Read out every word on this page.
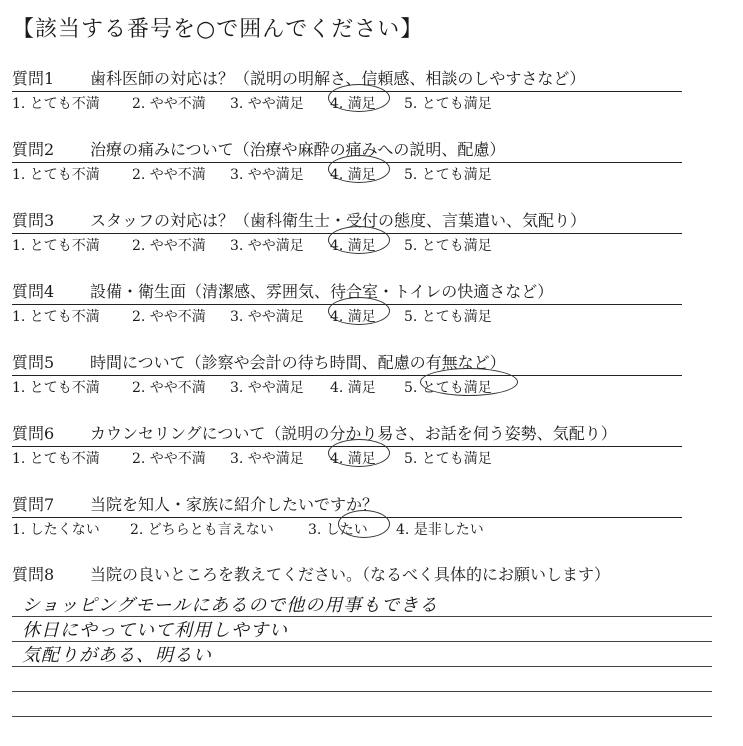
【該当する番号を○で囲んでください】
質問1 歯科医師の対応は？（説明の明解さ、信頼感、相談のしやすさなど）
1. とても不満 2. やや不満 3. やや満足 4. 満足 5. とても満足
質問2 治療の痛みについて（治療や麻酔の痛みへの説明、配慮）
1. とても不満 2. やや不満 3. やや満足 4. 満足 5. とても満足
質問3 スタッフの対応は？（歯科衛生士・受付の態度、言葉遣い、気配り）
1. とても不満 2. やや不満 3. やや満足 4. 満足 5. とても満足
質問4 設備・衛生面（清潔感、雰囲気、待合室・トイレの快適さなど）
1. とても不満 2. やや不満 3. やや満足 4. 満足 5. とても満足
質問5 時間について（診察や会計の待ち時間、配慮の有無など）
1. とても不満 2. やや不満 3. やや満足 4. 満足 5. とても満足
質問6 カウンセリングについて（説明の分かり易さ、お話を伺う姿勢、気配り）
1. とても不満 2. やや不満 3. やや満足 4. 満足 5. とても満足
質問7 当院を知人・家族に紹介したいですか？
1. したくない 2. どちらとも言えない 3. したい 4. 是非したい
質問8 当院の良いところを教えてください。（なるべく具体的にお願いします）
ショッピングモールにあるので他の用事もできる
休日にやっていて利用しやすい
気配りがある、明るい
